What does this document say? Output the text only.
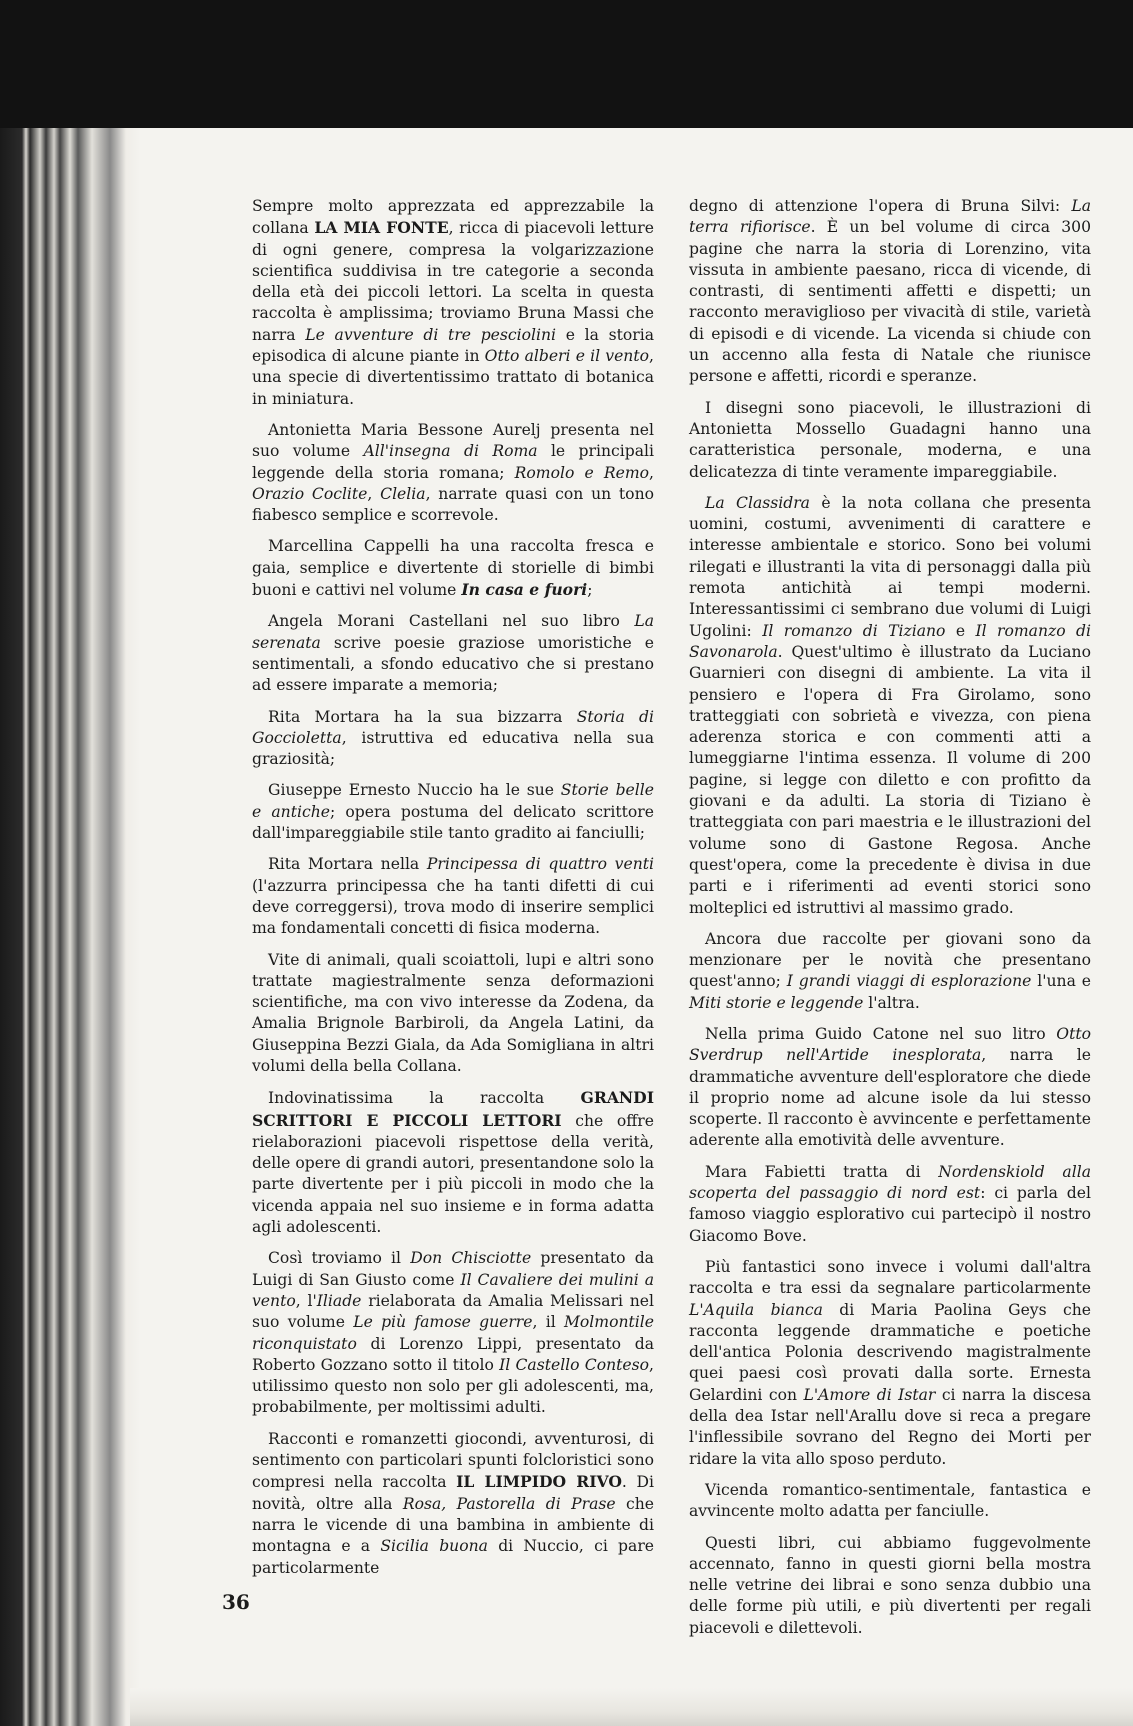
Sempre molto apprezzata ed apprezzabile la collana LA MIA FONTE, ricca di piacevoli letture di ogni genere, compresa la volgarizzazione scientifica suddivisa in tre categorie a seconda della età dei piccoli lettori. La scelta in questa raccolta è amplissima; troviamo Bruna Massi che narra Le avventure di tre pesciolini e la storia episodica di alcune piante in Otto alberi e il vento, una specie di divertentissimo trattato di botanica in miniatura.

Antonietta Maria Bessone Aurelj presenta nel suo volume All'insegna di Roma le principali leggende della storia romana; Romolo e Remo, Orazio Coclite, Clelia, narrate quasi con un tono fiabesco semplice e scorrevole.

Marcellina Cappelli ha una raccolta fresca e gaia, semplice e divertente di storielle di bimbi buoni e cattivi nel volume In casa e fuori;

Angela Morani Castellani nel suo libro La serenata scrive poesie graziose umoristiche e sentimentali, a sfondo educativo che si prestano ad essere imparate a memoria;

Rita Mortara ha la sua bizzarra Storia di Goccioletta, istruttiva ed educativa nella sua graziosità;

Giuseppe Ernesto Nuccio ha le sue Storie belle e antiche; opera postuma del delicato scrittore dall'impareggiabile stile tanto gradito ai fanciulli;

Rita Mortara nella Principessa di quattro venti (l'azzurra principessa che ha tanti difetti di cui deve correggersi), trova modo di inserire semplici ma fondamentali concetti di fisica moderna.

Vite di animali, quali scoiattoli, lupi e altri sono trattate magiestralmente senza deformazioni scientifiche, ma con vivo interesse da Zodena, da Amalia Brignole Barbiroli, da Angela Latini, da Giuseppina Bezzi Giala, da Ada Somigliana in altri volumi della bella Collana.

Indovinatissima la raccolta GRANDI SCRITTORI E PICCOLI LETTORI che offre rielaborazioni piacevoli rispettose della verità, delle opere di grandi autori, presentandone solo la parte divertente per i più piccoli in modo che la vicenda appaia nel suo insieme e in forma adatta agli adolescenti.

Così troviamo il Don Chisciotte presentato da Luigi di San Giusto come Il Cavaliere dei mulini a vento, l'Iliade rielaborata da Amalia Melissari nel suo volume Le più famose guerre, il Molmontile riconquistato di Lorenzo Lippi, presentato da Roberto Gozzano sotto il titolo Il Castello Conteso, utilissimo questo non solo per gli adolescenti, ma, probabilmente, per moltissimi adulti.

Racconti e romanzetti giocondi, avventurosi, di sentimento con particolari spunti folcloristici sono compresi nella raccolta IL LIMPIDO RIVO. Di novità, oltre alla Rosa, Pastorella di Prase che narra le vicende di una bambina in ambiente di montagna e a Sicilia buona di Nuccio, ci pare particolarmente

degno di attenzione l'opera di Bruna Silvi: La terra rifiorisce. È un bel volume di circa 300 pagine che narra la storia di Lorenzino, vita vissuta in ambiente paesano, ricca di vicende, di contrasti, di sentimenti affetti e dispetti; un racconto meraviglioso per vivacità di stile, varietà di episodi e di vicende. La vicenda si chiude con un accenno alla festa di Natale che riunisce persone e affetti, ricordi e speranze.

I disegni sono piacevoli, le illustrazioni di Antonietta Mossello Guadagni hanno una caratteristica personale, moderna, e una delicatezza di tinte veramente impareggiabile.

La Classidra è la nota collana che presenta uomini, costumi, avvenimenti di carattere e interesse ambientale e storico. Sono bei volumi rilegati e illustranti la vita di personaggi dalla più remota antichità ai tempi moderni. Interessantissimi ci sembrano due volumi di Luigi Ugolini: Il romanzo di Tiziano e Il romanzo di Savonarola. Quest'ultimo è illustrato da Luciano Guarnieri con disegni di ambiente. La vita il pensiero e l'opera di Fra Girolamo, sono tratteggiati con sobrietà e vivezza, con piena aderenza storica e con commenti atti a lumeggiarne l'intima essenza. Il volume di 200 pagine, si legge con diletto e con profitto da giovani e da adulti. La storia di Tiziano è tratteggiata con pari maestria e le illustrazioni del volume sono di Gastone Regosa. Anche quest'opera, come la precedente è divisa in due parti e i riferimenti ad eventi storici sono molteplici ed istruttivi al massimo grado.

Ancora due raccolte per giovani sono da menzionare per le novità che presentano quest'anno; I grandi viaggi di esplorazione l'una e Miti storie e leggende l'altra.

Nella prima Guido Catone nel suo litro Otto Sverdrup nell'Artide inesplorata, narra le drammatiche avventure dell'esploratore che diede il proprio nome ad alcune isole da lui stesso scoperte. Il racconto è avvincente e perfettamente aderente alla emotività delle avventure.

Mara Fabietti tratta di Nordenskiold alla scoperta del passaggio di nord est: ci parla del famoso viaggio esplorativo cui partecipò il nostro Giacomo Bove.

Più fantastici sono invece i volumi dall'altra raccolta e tra essi da segnalare particolarmente L'Aquila bianca di Maria Paolina Geys che racconta leggende drammatiche e poetiche dell'antica Polonia descrivendo magistralmente quei paesi così provati dalla sorte. Ernesta Gelardini con L'Amore di Istar ci narra la discesa della dea Istar nell'Arallu dove si reca a pregare l'inflessibile sovrano del Regno dei Morti per ridare la vita allo sposo perduto.

Vicenda romantico-sentimentale, fantastica e avvincente molto adatta per fanciulle.

Questi libri, cui abbiamo fuggevolmente accennato, fanno in questi giorni bella mostra nelle vetrine dei librai e sono senza dubbio una delle forme più utili, e più divertenti per regali piacevoli e dilettevoli.

36
